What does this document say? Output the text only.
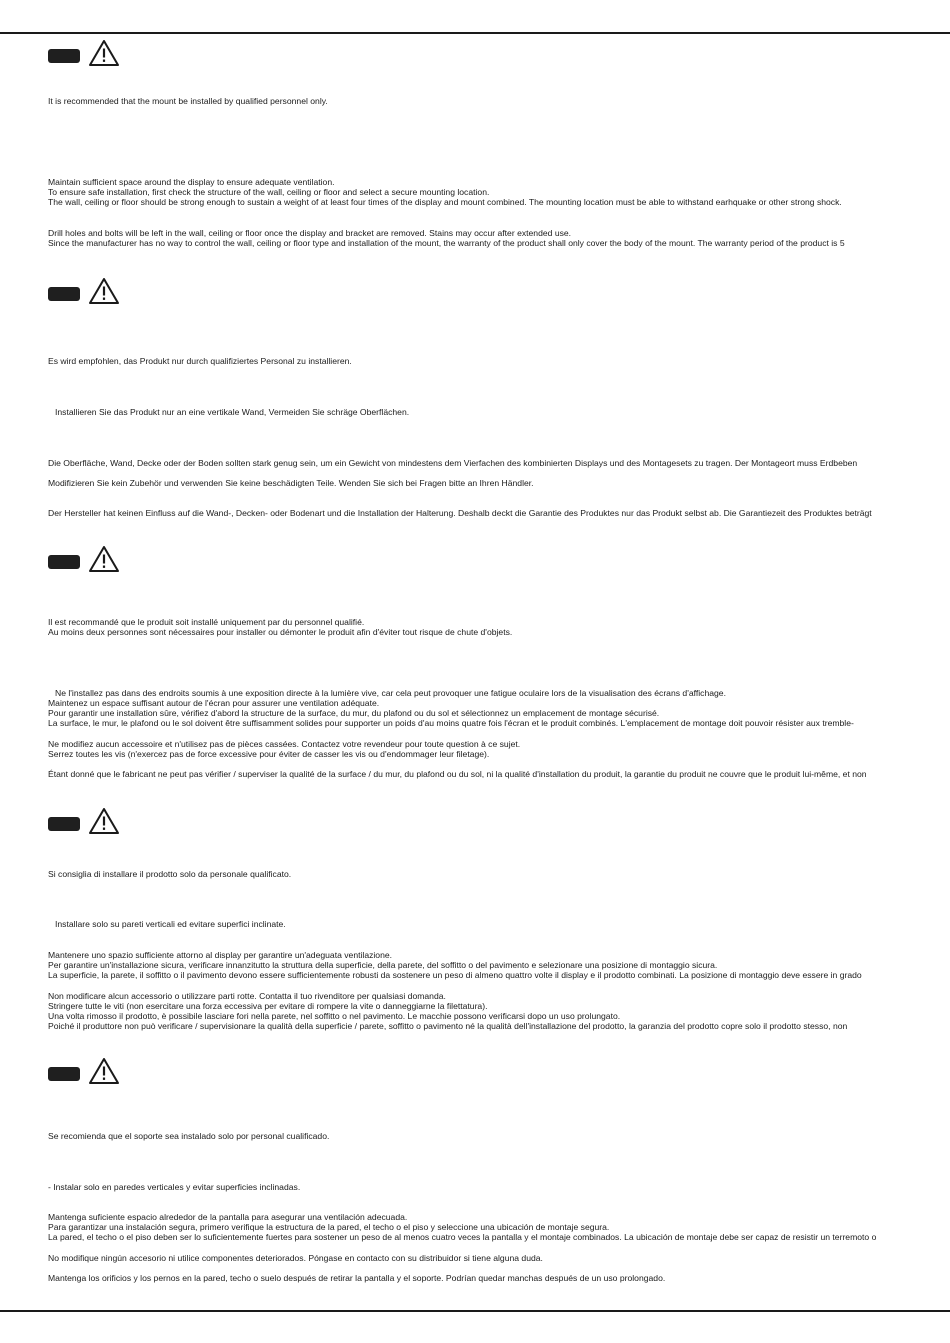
It is recommended that the mount be installed by qualified personnel only.

Maintain sufficient space around the display to ensure adequate ventilation.

To ensure safe installation, first check the structure of the wall, ceiling or floor and select a secure mounting location.

The wall, ceiling or floor should be strong enough to sustain a weight of at least four times of the display and mount combined. The mounting location must be able to withstand earhquake or other strong shock.

Drill holes and bolts will be left in the wall, ceiling or floor once the display and bracket are removed. Stains may occur after extended use.

Since the manufacturer has no way to control the wall, ceiling or floor type and installation of the mount, the warranty of the product shall only cover the body of the mount. The warranty period of the product is 5

Es wird empfohlen, das Produkt nur durch qualifiziertes Personal zu installieren.

Installieren Sie das Produkt nur an eine vertikale Wand, Vermeiden Sie schräge Oberflächen.

Die Oberfläche, Wand, Decke oder der Boden sollten stark genug sein, um ein Gewicht von mindestens dem Vierfachen des kombinierten Displays und des Montagesets zu tragen. Der Montageort muss Erdbeben

Modifizieren Sie kein Zubehör und verwenden Sie keine beschädigten Teile. Wenden Sie sich bei Fragen bitte an Ihren Händler.

Der Hersteller hat keinen Einfluss auf die Wand-, Decken- oder Bodenart und die Installation der Halterung. Deshalb deckt die Garantie des Produktes nur das Produkt selbst ab. Die Garantiezeit des Produktes beträgt

Il est recommandé que le produit soit installé uniquement par du personnel qualifié.

Au moins deux personnes sont nécessaires pour installer ou démonter le produit afin d'éviter tout risque de chute d'objets.

Ne l'installez pas dans des endroits soumis à une exposition directe à la lumière vive, car cela peut provoquer une fatigue oculaire lors de la visualisation des écrans d'affichage.

Maintenez un espace suffisant autour de l'écran pour assurer une ventilation adéquate.

Pour garantir une installation sûre, vérifiez d'abord la structure de la surface, du mur, du plafond ou du sol et sélectionnez un emplacement de montage sécurisé.

La surface, le mur, le plafond ou le sol doivent être suffisamment solides pour supporter un poids d'au moins quatre fois l'écran et le produit combinés. L'emplacement de montage doit pouvoir résister aux tremble-

Ne modifiez aucun accessoire et n'utilisez pas de pièces cassées. Contactez votre revendeur pour toute question à ce sujet.

Serrez toutes les vis (n'exercez pas de force excessive pour éviter de casser les vis ou d'endommager leur filetage).

Étant donné que le fabricant ne peut pas vérifier / superviser la qualité de la surface / du mur, du plafond ou du sol, ni la qualité d'installation du produit, la garantie du produit ne couvre que le produit lui-même, et non

Si consiglia di installare il prodotto solo da personale qualificato.

Installare solo su pareti verticali ed evitare superfici inclinate.

Mantenere uno spazio sufficiente attorno al display per garantire un'adeguata ventilazione.

Per garantire un'installazione sicura, verificare innanzitutto la struttura della superficie, della parete, del soffitto o del pavimento e selezionare una posizione di montaggio sicura.

La superficie, la parete, il soffitto o il pavimento devono essere sufficientemente robusti da sostenere un peso di almeno quattro volte il display e il prodotto combinati. La posizione di montaggio deve essere in grado

Non modificare alcun accessorio o utilizzare parti rotte. Contatta il tuo rivenditore per qualsiasi domanda.

Stringere tutte le viti (non esercitare una forza eccessiva per evitare di rompere la vite o danneggiarne la filettatura).

Una volta rimosso il prodotto, è possibile lasciare fori nella parete, nel soffitto o nel pavimento. Le macchie possono verificarsi dopo un uso prolungato.

Poiché il produttore non può verificare / supervisionare la qualità della superficie / parete, soffitto o pavimento né la qualità dell'installazione del prodotto, la garanzia del prodotto copre solo il prodotto stesso, non

Se recomienda que el soporte sea instalado solo por personal cualificado.

- Instalar solo en paredes verticales y evitar superficies inclinadas.

Mantenga suficiente espacio alrededor de la pantalla para asegurar una ventilación adecuada.

Para garantizar una instalación segura, primero verifique la estructura de la pared, el techo o el piso y seleccione una ubicación de montaje segura.

La pared, el techo o el piso deben ser lo suficientemente fuertes para sostener un peso de al menos cuatro veces la pantalla y el montaje combinados. La ubicación de montaje debe ser capaz de resistir un terremoto o

No modifique ningún accesorio ni utilice componentes deteriorados. Póngase en contacto con su distribuidor si tiene alguna duda.

Mantenga los orificios y los pernos en la pared, techo o suelo después de retirar la pantalla y el soporte. Podrían quedar manchas después de un uso prolongado.
